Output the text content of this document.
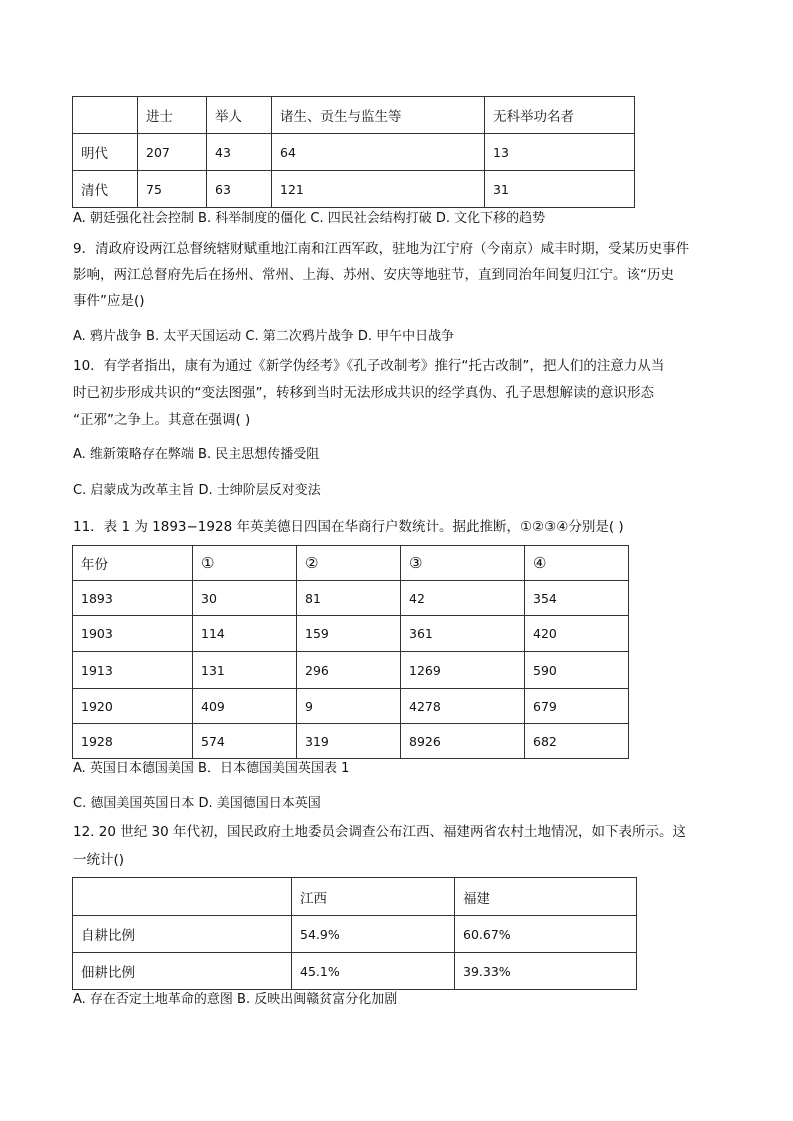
	进士	举人	诸生、贡生与监生等	无科举功名者
明代	207	43	64	13
清代	75	63	121	31
A. 朝廷强化社会控制 B. 科举制度的僵化 C. 四民社会结构打破 D. 文化下移的趋势
9．清政府设两江总督统辖财赋重地江南和江西军政，驻地为江宁府（今南京）咸丰时期，受某历史事件
影响，两江总督府先后在扬州、常州、上海、苏州、安庆等地驻节，直到同治年间复归江宁。该“历史
事件”应是()
A. 鸦片战争 B. 太平天国运动 C. 第二次鸦片战争 D. 甲午中日战争
10．有学者指出，康有为通过《新学伪经考》《孔子改制考》推行“托古改制”，把人们的注意力从当
时已初步形成共识的“变法图强”，转移到当时无法形成共识的经学真伪、孔子思想解读的意识形态
“正邪”之争上。其意在强调( )
A. 维新策略存在弊端 B. 民主思想传播受阻
C. 启蒙成为改革主旨 D. 士绅阶层反对变法
11．表 1 为 1893−1928 年英美德日四国在华商行户数统计。据此推断，①②③④分别是( )
年份	①	②	③	④
1893	30	81	42	354
1903	114	159	361	420
1913	131	296	1269	590
1920	409	9	4278	679
1928	574	319	8926	682
A. 英国日本德国美国 B．日本德国美国英国表 1
C. 德国美国英国日本 D. 美国德国日本英国
12. 20 世纪 30 年代初，国民政府土地委员会调查公布江西、福建两省农村土地情况，如下表所示。这
一统计()
	江西	福建
自耕比例	54.9%	60.67%
佃耕比例	45.1%	39.33%
A. 存在否定土地革命的意图 B. 反映出闽赣贫富分化加剧
